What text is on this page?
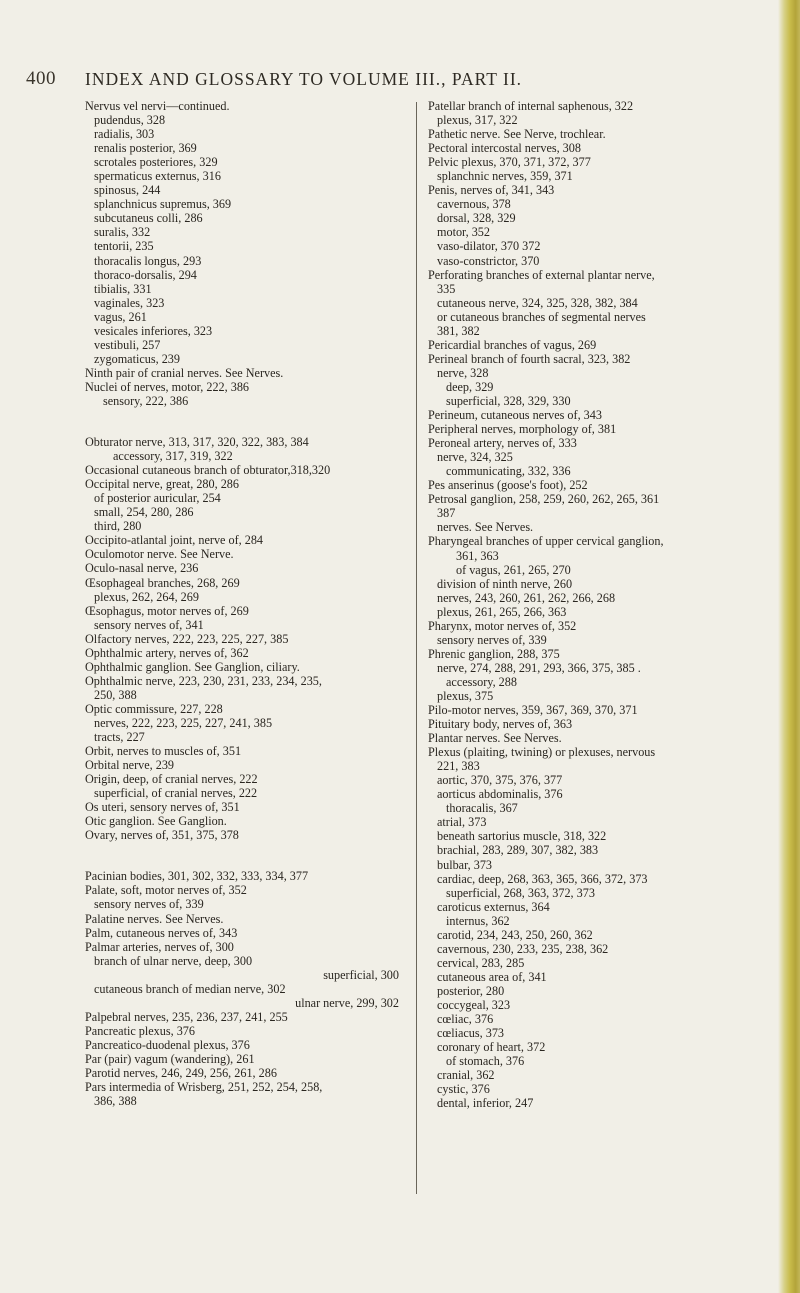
400 INDEX AND GLOSSARY TO VOLUME III., PART II.
Nervus vel nervi—continued.
pudendus, 328
radialis, 303
renalis posterior, 369
scrotales posteriores, 329
spermaticus externus, 316
spinosus, 244
splanchnicus supremus, 369
subcutaneus colli, 286
suralis, 332
tentorii, 235
thoracalis longus, 293
thoraco-dorsalis, 294
tibialis, 331
vaginales, 323
vagus, 261
vesicales inferiores, 323
vestibuli, 257
zygomaticus, 239
Ninth pair of cranial nerves. See Nerves.
Nuclei of nerves, motor, 222, 386
sensory, 222, 386
Obturator nerve, 313, 317, 320, 322, 383, 384
accessory, 317, 319, 322
Occasional cutaneous branch of obturator,318,320
Occipital nerve, great, 280, 286
of posterior auricular, 254
small, 254, 280, 286
third, 280
Occipito-atlantal joint, nerve of, 284
Oculomotor nerve. See Nerve.
Oculo-nasal nerve, 236
Œsophageal branches, 268, 269
plexus, 262, 264, 269
Œsophagus, motor nerves of, 269
sensory nerves of, 341
Olfactory nerves, 222, 223, 225, 227, 385
Ophthalmic artery, nerves of, 362
Ophthalmic ganglion. See Ganglion, ciliary.
Ophthalmic nerve, 223, 230, 231, 233, 234, 235,
250, 388
Optic commissure, 227, 228
nerves, 222, 223, 225, 227, 241, 385
tracts, 227
Orbit, nerves to muscles of, 351
Orbital nerve, 239
Origin, deep, of cranial nerves, 222
superficial, of cranial nerves, 222
Os uteri, sensory nerves of, 351
Otic ganglion. See Ganglion.
Ovary, nerves of, 351, 375, 378
Pacinian bodies, 301, 302, 332, 333, 334, 377
Palate, soft, motor nerves of, 352
sensory nerves of, 339
Palatine nerves. See Nerves.
Palm, cutaneous nerves of, 343
Palmar arteries, nerves of, 300
branch of ulnar nerve, deep, 300
superficial, 300
cutaneous branch of median nerve, 302
ulnar nerve, 299, 302
Palpebral nerves, 235, 236, 237, 241, 255
Pancreatic plexus, 376
Pancreatico-duodenal plexus, 376
Par (pair) vagum (wandering), 261
Parotid nerves, 246, 249, 256, 261, 286
Pars intermedia of Wrisberg, 251, 252, 254, 258,
386, 388
Patellar branch of internal saphenous, 322
plexus, 317, 322
Pathetic nerve. See Nerve, trochlear.
Pectoral intercostal nerves, 308
Pelvic plexus, 370, 371, 372, 377
splanchnic nerves, 359, 371
Penis, nerves of, 341, 343
cavernous, 378
dorsal, 328, 329
motor, 352
vaso-dilator, 370 372
vaso-constrictor, 370
Perforating branches of external plantar nerve,
335
cutaneous nerve, 324, 325, 328, 382, 384
or cutaneous branches of segmental nerves
381, 382
Pericardial branches of vagus, 269
Perineal branch of fourth sacral, 323, 382
nerve, 328
deep, 329
superficial, 328, 329, 330
Perineum, cutaneous nerves of, 343
Peripheral nerves, morphology of, 381
Peroneal artery, nerves of, 333
nerve, 324, 325
communicating, 332, 336
Pes anserinus (goose's foot), 252
Petrosal ganglion, 258, 259, 260, 262, 265, 361
387
nerves. See Nerves.
Pharyngeal branches of upper cervical ganglion,
361, 363
of vagus, 261, 265, 270
division of ninth nerve, 260
nerves, 243, 260, 261, 262, 266, 268
plexus, 261, 265, 266, 363
Pharynx, motor nerves of, 352
sensory nerves of, 339
Phrenic ganglion, 288, 375
nerve, 274, 288, 291, 293, 366, 375, 385 .
accessory, 288
plexus, 375
Pilo-motor nerves, 359, 367, 369, 370, 371
Pituitary body, nerves of, 363
Plantar nerves. See Nerves.
Plexus (plaiting, twining) or plexuses, nervous
221, 383
aortic, 370, 375, 376, 377
aorticus abdominalis, 376
thoracalis, 367
atrial, 373
beneath sartorius muscle, 318, 322
brachial, 283, 289, 307, 382, 383
bulbar, 373
cardiac, deep, 268, 363, 365, 366, 372, 373
superficial, 268, 363, 372, 373
caroticus externus, 364
internus, 362
carotid, 234, 243, 250, 260, 362
cavernous, 230, 233, 235, 238, 362
cervical, 283, 285
cutaneous area of, 341
posterior, 280
coccygeal, 323
cœliac, 376
cœliacus, 373
coronary of heart, 372
of stomach, 376
cranial, 362
cystic, 376
dental, inferior, 247
